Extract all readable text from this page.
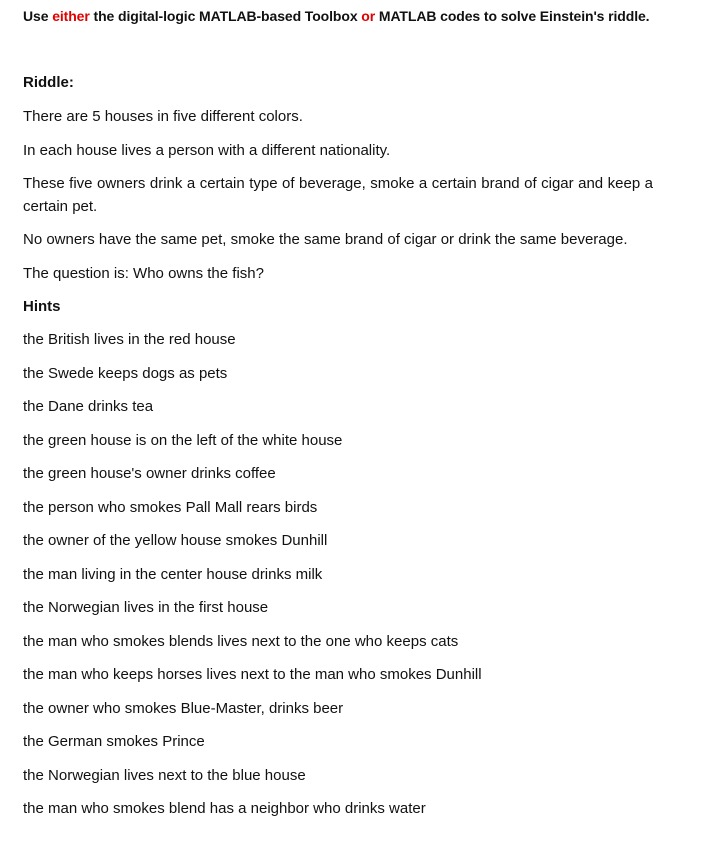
Use either the digital-logic MATLAB-based Toolbox or MATLAB codes to solve Einstein's riddle.
Riddle:
There are 5 houses in five different colors.
In each house lives a person with a different nationality.
These five owners drink a certain type of beverage, smoke a certain brand of cigar and keep a certain pet.
No owners have the same pet, smoke the same brand of cigar or drink the same beverage.
The question is: Who owns the fish?
Hints
the British lives in the red house
the Swede keeps dogs as pets
the Dane drinks tea
the green house is on the left of the white house
the green house's owner drinks coffee
the person who smokes Pall Mall rears birds
the owner of the yellow house smokes Dunhill
the man living in the center house drinks milk
the Norwegian lives in the first house
the man who smokes blends lives next to the one who keeps cats
the man who keeps horses lives next to the man who smokes Dunhill
the owner who smokes Blue-Master, drinks beer
the German smokes Prince
the Norwegian lives next to the blue house
the man who smokes blend has a neighbor who drinks water
